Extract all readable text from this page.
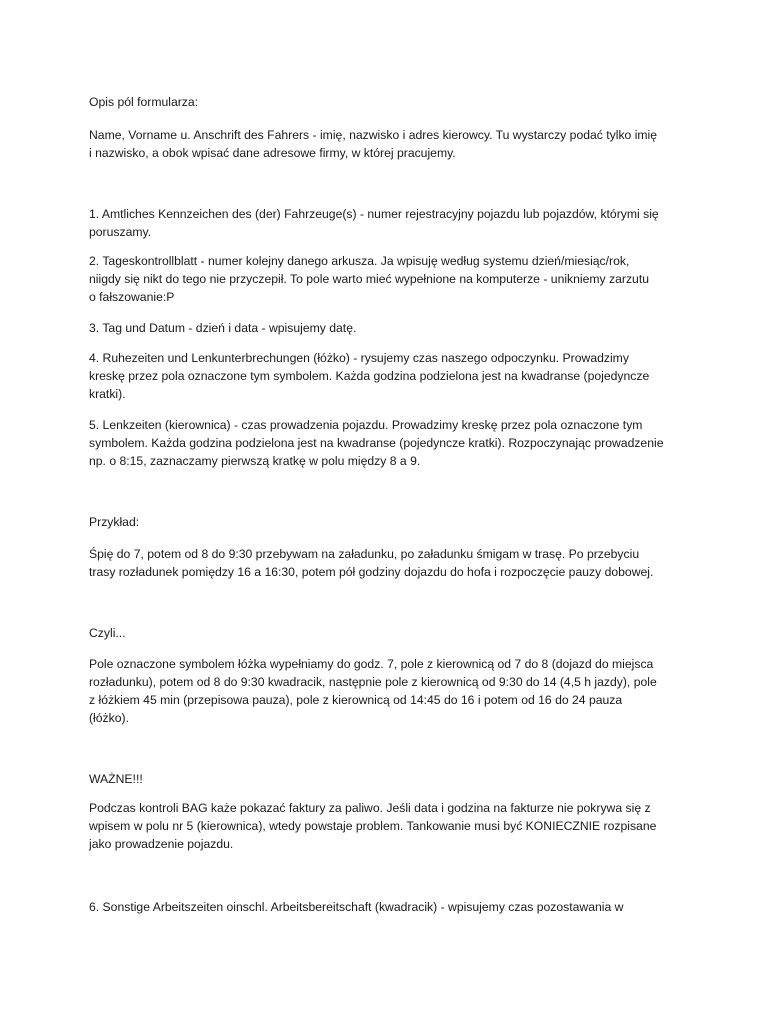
Opis pól formularza:

Name, Vorname u. Anschrift des Fahrers - imię, nazwisko i adres kierowcy. Tu wystarczy podać tylko imię
i nazwisko, a obok wpisać dane adresowe firmy, w której pracujemy.

1. Amtliches Kennzeichen des (der) Fahrzeuge(s) - numer rejestracyjny pojazdu lub pojazdów, którymi się
poruszamy.

2. Tageskontrollblatt - numer kolejny danego arkusza. Ja wpisuję według systemu dzień/miesiąc/rok,
niigdy się nikt do tego nie przyczepił. To pole warto mieć wypełnione na komputerze - unikniemy zarzutu
o fałszowanie:P

3. Tag und Datum - dzień i data - wpisujemy datę.

4. Ruhezeiten und Lenkunterbrechungen (łóżko) - rysujemy czas naszego odpoczynku. Prowadzimy
kreskę przez pola oznaczone tym symbolem. Każda godzina podzielona jest na kwadranse (pojedyncze
kratki).

5. Lenkzeiten (kierownica) - czas prowadzenia pojazdu. Prowadzimy kreskę przez pola oznaczone tym
symbolem. Każda godzina podzielona jest na kwadranse (pojedyncze kratki). Rozpoczynając prowadzenie
np. o 8:15, zaznaczamy pierwszą kratkę w polu między 8 a 9.

Przykład:

Śpię do 7, potem od 8 do 9:30 przebywam na załadunku, po załadunku śmigam w trasę. Po przebyciu
trasy rozładunek pomiędzy 16 a 16:30, potem pół godziny dojazdu do hofa i rozpoczęcie pauzy dobowej.

Czyli...

Pole oznaczone symbolem łóżka wypełniamy do godz. 7, pole z kierownicą od 7 do 8 (dojazd do miejsca
rozładunku), potem od 8 do 9:30 kwadracik, następnie pole z kierownicą od 9:30 do 14 (4,5 h jazdy), pole
z łóżkiem 45 min (przepisowa pauza), pole z kierownicą od 14:45 do 16 i potem od 16 do 24 pauza
(łóżko).

WAŻNE!!!

Podczas kontroli BAG każe pokazać faktury za paliwo. Jeśli data i godzina na fakturze nie pokrywa się z
wpisem w polu nr 5 (kierownica), wtedy powstaje problem. Tankowanie musi być KONIECZNIE rozpisane
jako prowadzenie pojazdu.

6. Sonstige Arbeitszeiten oinschl. Arbeitsbereitschaft (kwadracik) - wpisujemy czas pozostawania w
